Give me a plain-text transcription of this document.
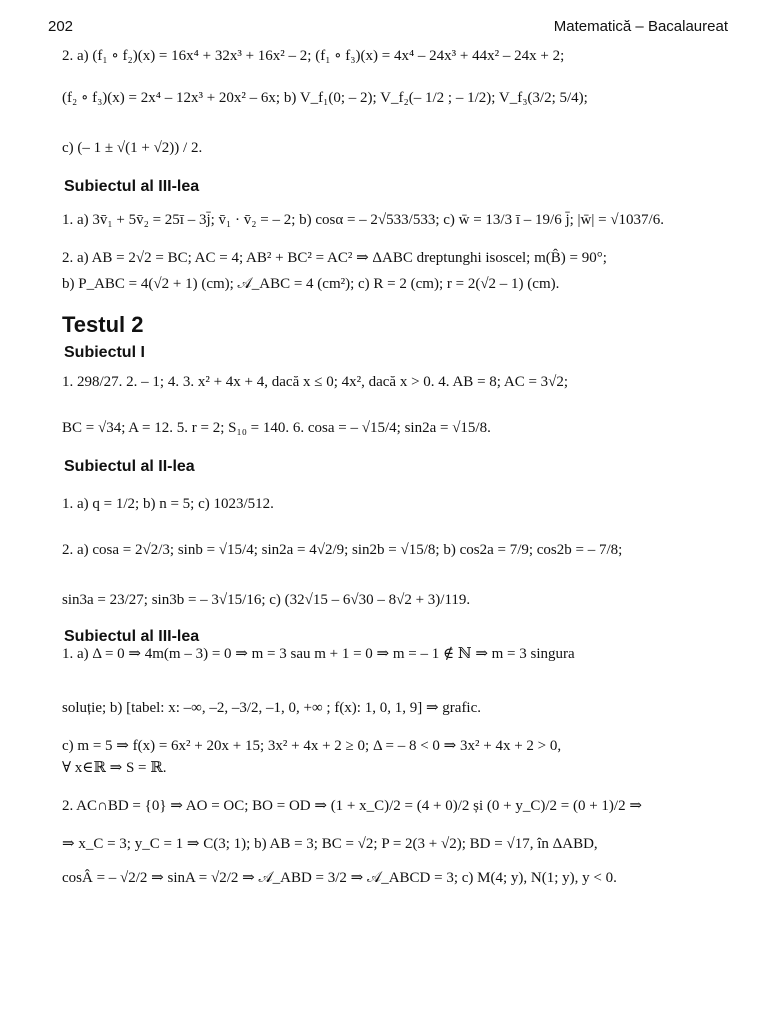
202	Matematică – Bacalaureat
2. a) (f₁ ∘ f₂)(x) = 16x⁴ + 32x³ + 16x² – 2; (f₁ ∘ f₃)(x) = 4x⁴ – 24x³ + 44x² – 24x + 2;
(f₂ ∘ f₃)(x) = 2x⁴ – 12x³ + 20x² – 6x; b) V_f₁(0; – 2); V_f₂(– 1/2 ; – 1/2); V_f₃(3/2; 5/4);
c) (– 1 ± √(1 + √2)) / 2.
Subiectul al III-lea
1. a) 3v̄₁ + 5v̄₂ = 25ī – 3j̄; v̄₁ · v̄₂ = – 2; b) cosα = – 2√533/533; c) w̄ = 13/3 ī – 19/6 j̄; |w̄| = √1037/6.
2. a) AB = 2√2 = BC; AC = 4; AB² + BC² = AC² ⇒ ΔABC dreptunghi isoscel; m(B̂) = 90°;
b) P_ABC = 4(√2 + 1) (cm); 𝒜_ABC = 4 (cm²); c) R = 2 (cm); r = 2(√2 – 1) (cm).
Testul 2
Subiectul I
1. 298/27. 2. – 1; 4. 3. x² + 4x + 4, dacă x ≤ 0; 4x², dacă x > 0. 4. AB = 8; AC = 3√2;
BC = √34; A = 12. 5. r = 2; S₁₀ = 140. 6. cosa = – √15/4; sin2a = √15/8.
Subiectul al II-lea
1. a) q = 1/2; b) n = 5; c) 1023/512.
2. a) cosa = 2√2/3; sinb = √15/4; sin2a = 4√2/9; sin2b = √15/8; b) cos2a = 7/9; cos2b = – 7/8;
sin3a = 23/27; sin3b = – 3√15/16; c) (32√15 – 6√30 – 8√2 + 3)/119.
Subiectul al III-lea
1. a) Δ = 0 ⇒ 4m(m – 3) = 0 ⇒ m = 3 sau m + 1 = 0 ⇒ m = – 1 ∉ ℕ ⇒ m = 3 singura
soluție; b) [tabel: x: –∞, –2, –3/2, –1, 0, +∞ ; f(x): 1, 0, 1, 9] ⇒ grafic.
c) m = 5 ⇒ f(x) = 6x² + 20x + 15; 3x² + 4x + 2 ≥ 0; Δ = – 8 < 0 ⇒ 3x² + 4x + 2 > 0,
∀ x∈ℝ ⇒ S = ℝ.
2. AC∩BD = {0} ⇒ AO = OC; BO = OD ⇒ (1 + x_C)/2 = (4 + 0)/2 și (0 + y_C)/2 = (0 + 1)/2 ⇒
⇒ x_C = 3; y_C = 1 ⇒ C(3; 1); b) AB = 3; BC = √2; P = 2(3 + √2); BD = √17, în ΔABD,
cosÂ = – √2/2 ⇒ sinA = √2/2 ⇒ 𝒜_ABD = 3/2 ⇒ 𝒜_ABCD = 3; c) M(4; y), N(1; y), y < 0.
